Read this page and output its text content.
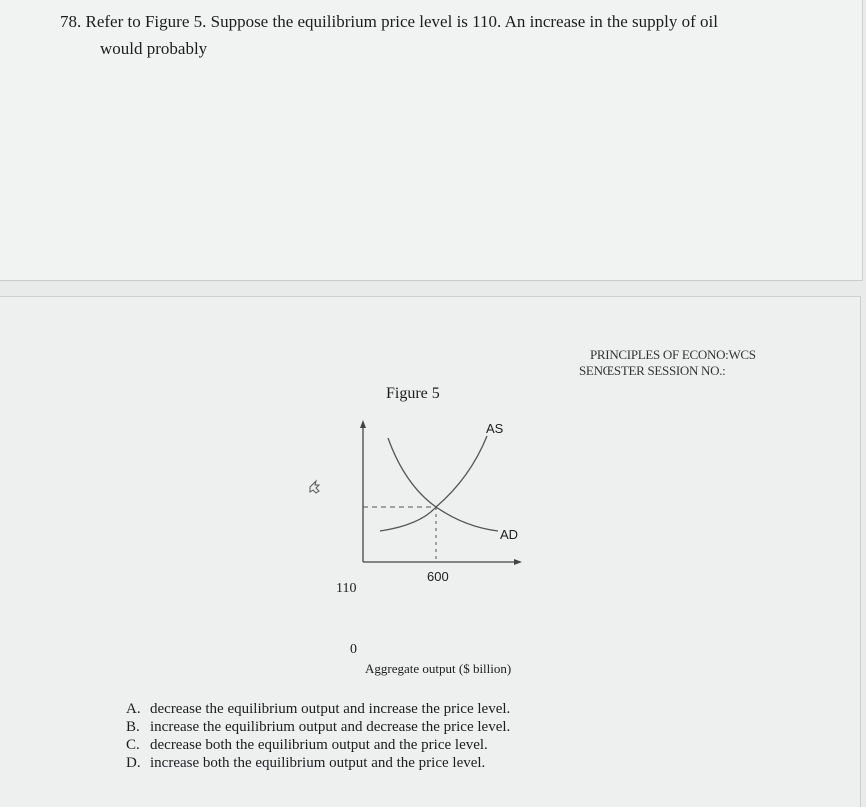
78. Refer to Figure 5. Suppose the equilibrium price level is 110. An increase in the supply of oil
would probably
PRINCIPLES OF ECONO:WCS
SENŒSTER SESSION NO.:
Figure 5
AS
AD
600
110
0
Aggregate output ($ billion)
A. decrease the equilibrium output and increase the price level.
B. increase the equilibrium output and decrease the price level.
C. decrease both the equilibrium output and the price level.
D. increase both the equilibrium output and the price level.
